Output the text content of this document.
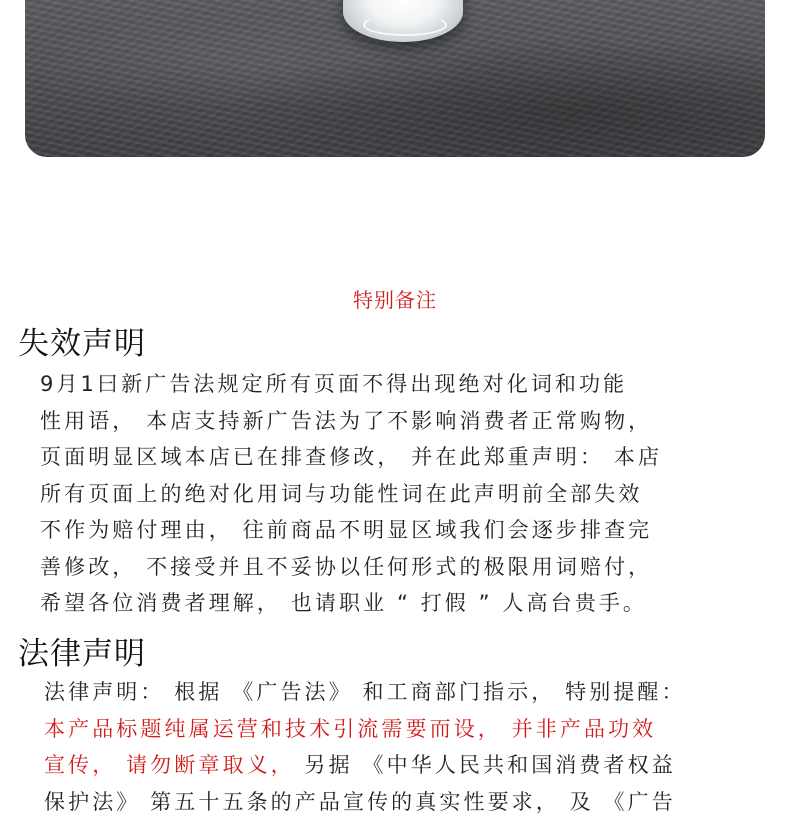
特别备注
失效声明
9月1曰新广告法规定所有页面不得出现绝对化词和功能
性用语， 本店支持新广告法为了不影响消费者正常购物，
页面明显区域本店已在排查修改， 并在此郑重声明： 本店
所有页面上的绝对化用词与功能性词在此声明前全部失效
不作为赔付理由， 往前商品不明显区域我们会逐步排查完
善修改， 不接受并且不妥协以任何形式的极限用词赔付，
希望各位消费者理解， 也请职业 “ 打假 ” 人高台贵手。
法律声明
法律声明： 根据 《广告法》 和工商部门指示， 特别提醒：
本产品标题纯属运营和技术引流需要而设， 并非产品功效
宣传， 请勿断章取义， 另据 《中华人民共和国消费者权益
保护法》 第五十五条的产品宣传的真实性要求， 及 《广告
